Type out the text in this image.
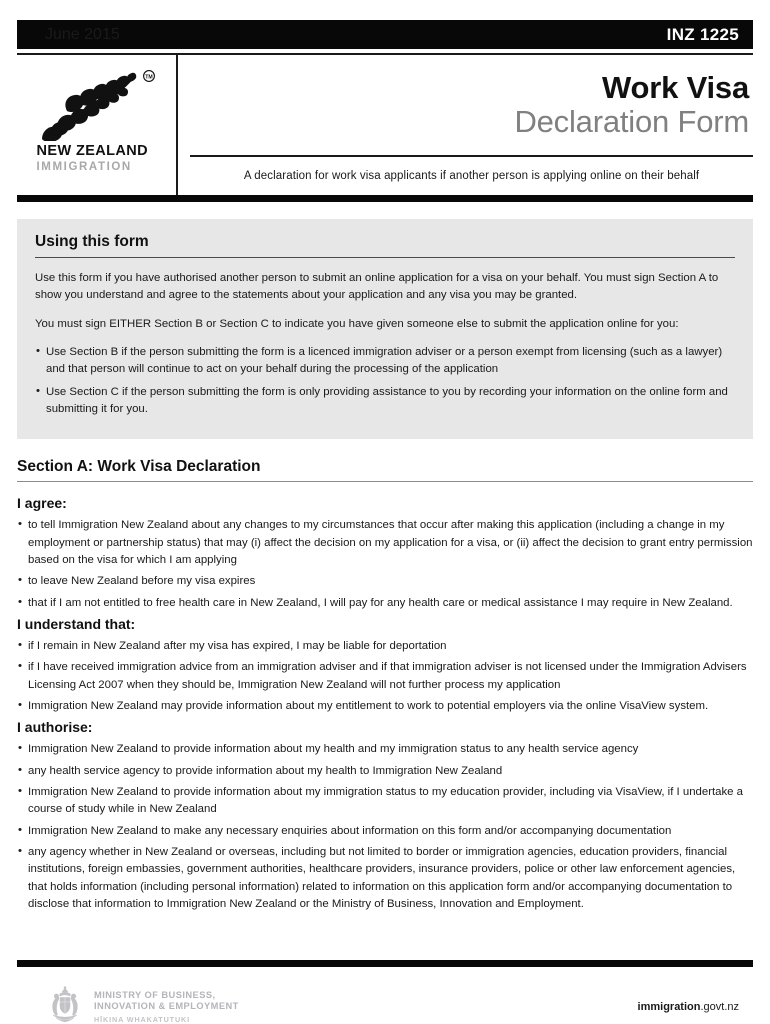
June 2015	INZ 1225
TM
NEW ZEALAND
IMMIGRATION
Work Visa
Declaration Form
A declaration for work visa applicants if another person is applying online on their behalf
Using this form

Use this form if you have authorised another person to submit an online application for a visa on your behalf. You must sign Section A to show you understand and agree to the statements about your application and any visa you may be granted.

You must sign EITHER Section B or Section C to indicate you have given someone else to submit the application online for you:

• Use Section B if the person submitting the form is a licenced immigration adviser or a person exempt from licensing (such as a lawyer) and that person will continue to act on your behalf during the processing of the application
• Use Section C if the person submitting the form is only providing assistance to you by recording your information on the online form and submitting it for you.
Section A: Work Visa Declaration
I agree:
• to tell Immigration New Zealand about any changes to my circumstances that occur after making this application (including a change in my employment or partnership status) that may (i) affect the decision on my application for a visa, or (ii) affect the decision to grant entry permission based on the visa for which I am applying
• to leave New Zealand before my visa expires
• that if I am not entitled to free health care in New Zealand, I will pay for any health care or medical assistance I may require in New Zealand.
I understand that:
• if I remain in New Zealand after my visa has expired, I may be liable for deportation
• if I have received immigration advice from an immigration adviser and if that immigration adviser is not licensed under the Immigration Advisers Licensing Act 2007 when they should be, Immigration New Zealand will not further process my application
• Immigration New Zealand may provide information about my entitlement to work to potential employers via the online VisaView system.
I authorise:
• Immigration New Zealand to provide information about my health and my immigration status to any health service agency
• any health service agency to provide information about my health to Immigration New Zealand
• Immigration New Zealand to provide information about my immigration status to my education provider, including via VisaView, if I undertake a course of study while in New Zealand
• Immigration New Zealand to make any necessary enquiries about information on this form and/or accompanying documentation
• any agency whether in New Zealand or overseas, including but not limited to border or immigration agencies, education providers, financial institutions, foreign embassies, government authorities, healthcare providers, insurance providers, police or other law enforcement agencies, that holds information (including personal information) related to information on this application form and/or accompanying documentation to disclose that information to Immigration New Zealand or the Ministry of Business, Innovation and Employment.
MINISTRY OF BUSINESS,
INNOVATION & EMPLOYMENT
HĪKINA WHAKATUTUKI
immigration.govt.nz
